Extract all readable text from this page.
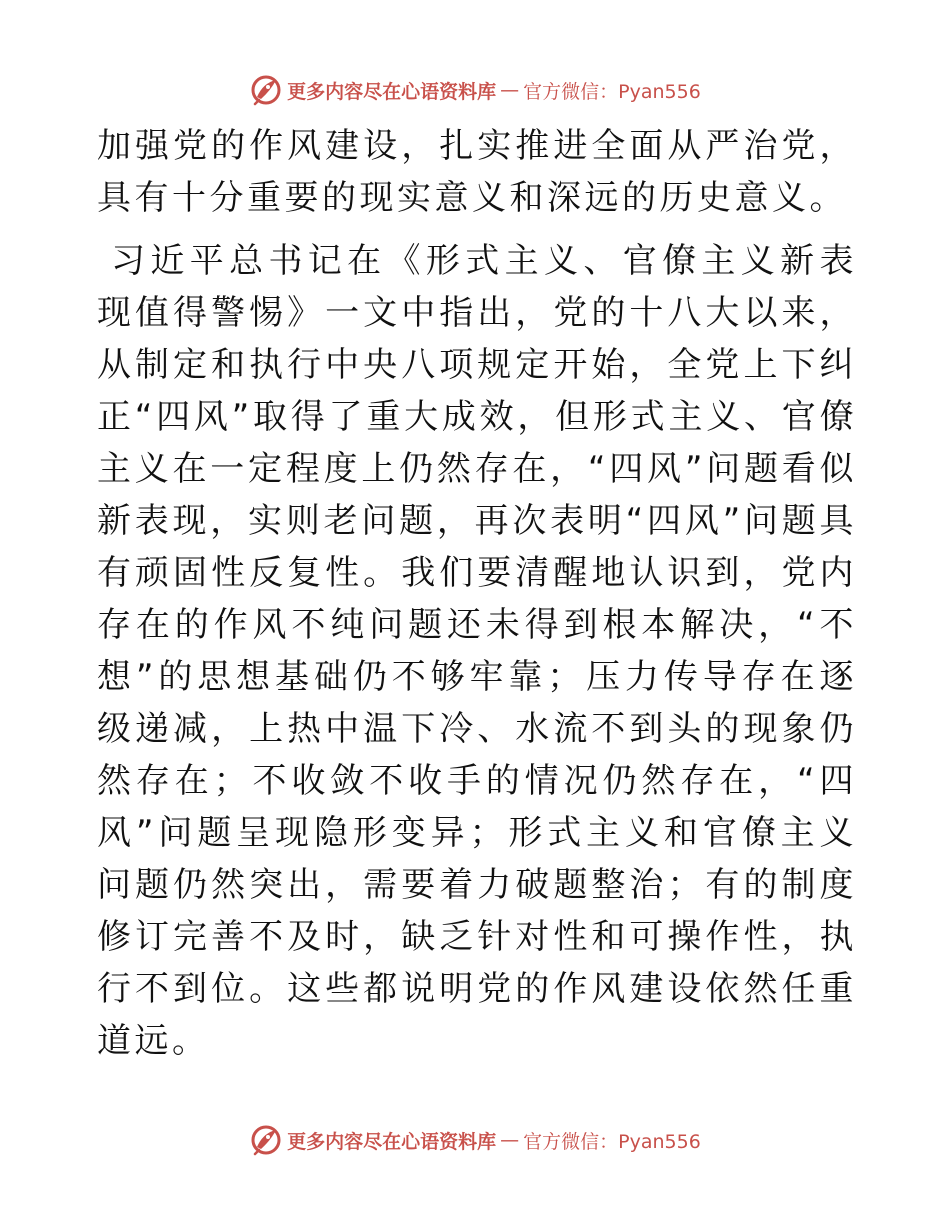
更多内容尽在心语资料库 — 官方微信：Pyan556

加强党的作风建设，扎实推进全面从严治党，具有十分重要的现实意义和深远的历史意义。

习近平总书记在《形式主义、官僚主义新表现值得警惕》一文中指出，党的十八大以来，从制定和执行中央八项规定开始，全党上下纠正“四风”取得了重大成效，但形式主义、官僚主义在一定程度上仍然存在，“四风”问题看似新表现，实则老问题，再次表明“四风”问题具有顽固性反复性。我们要清醒地认识到，党内存在的作风不纯问题还未得到根本解决，“不想”的思想基础仍不够牢靠；压力传导存在逐级递减，上热中温下冷、水流不到头的现象仍然存在；不收敛不收手的情况仍然存在，“四风”问题呈现隐形变异；形式主义和官僚主义问题仍然突出，需要着力破题整治；有的制度修订完善不及时，缺乏针对性和可操作性，执行不到位。这些都说明党的作风建设依然任重道远。

更多内容尽在心语资料库 — 官方微信：Pyan556
